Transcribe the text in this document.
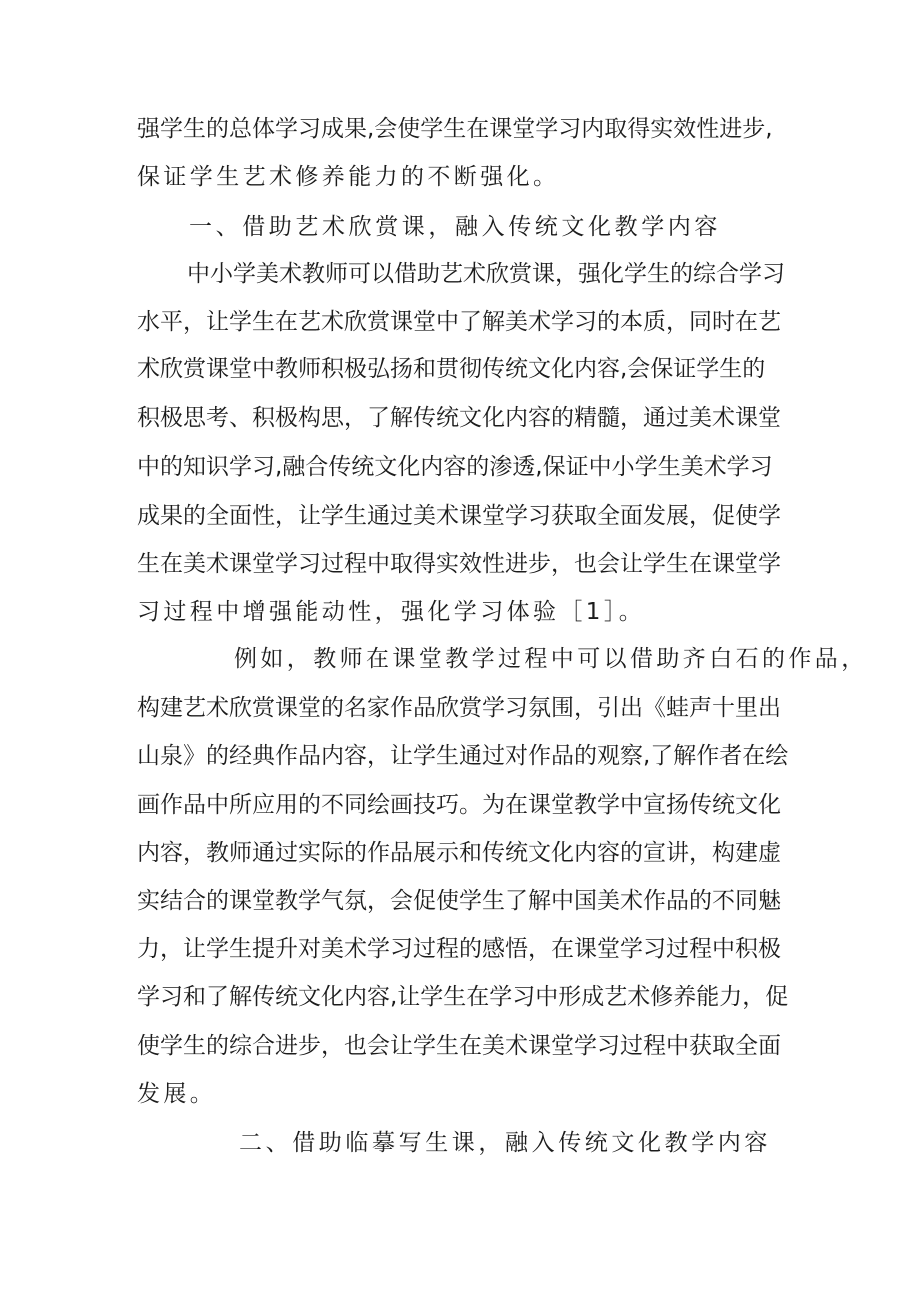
强学生的总体学习成果,会使学生在课堂学习内取得实效性进步,
保证学生艺术修养能力的不断强化。
一、借助艺术欣赏课，融入传统文化教学内容
中小学美术教师可以借助艺术欣赏课，强化学生的综合学习
水平，让学生在艺术欣赏课堂中了解美术学习的本质，同时在艺
术欣赏课堂中教师积极弘扬和贯彻传统文化内容,会保证学生的
积极思考、积极构思，了解传统文化内容的精髓，通过美术课堂
中的知识学习,融合传统文化内容的渗透,保证中小学生美术学习
成果的全面性，让学生通过美术课堂学习获取全面发展，促使学
生在美术课堂学习过程中取得实效性进步，也会让学生在课堂学
习过程中增强能动性，强化学习体验［1］。
例如，教师在课堂教学过程中可以借助齐白石的作品，
构建艺术欣赏课堂的名家作品欣赏学习氛围，引出《蛙声十里出
山泉》的经典作品内容，让学生通过对作品的观察,了解作者在绘
画作品中所应用的不同绘画技巧。为在课堂教学中宣扬传统文化
内容，教师通过实际的作品展示和传统文化内容的宣讲，构建虚
实结合的课堂教学气氛，会促使学生了解中国美术作品的不同魅
力，让学生提升对美术学习过程的感悟，在课堂学习过程中积极
学习和了解传统文化内容,让学生在学习中形成艺术修养能力，促
使学生的综合进步，也会让学生在美术课堂学习过程中获取全面
发展。
二、借助临摹写生课，融入传统文化教学内容
